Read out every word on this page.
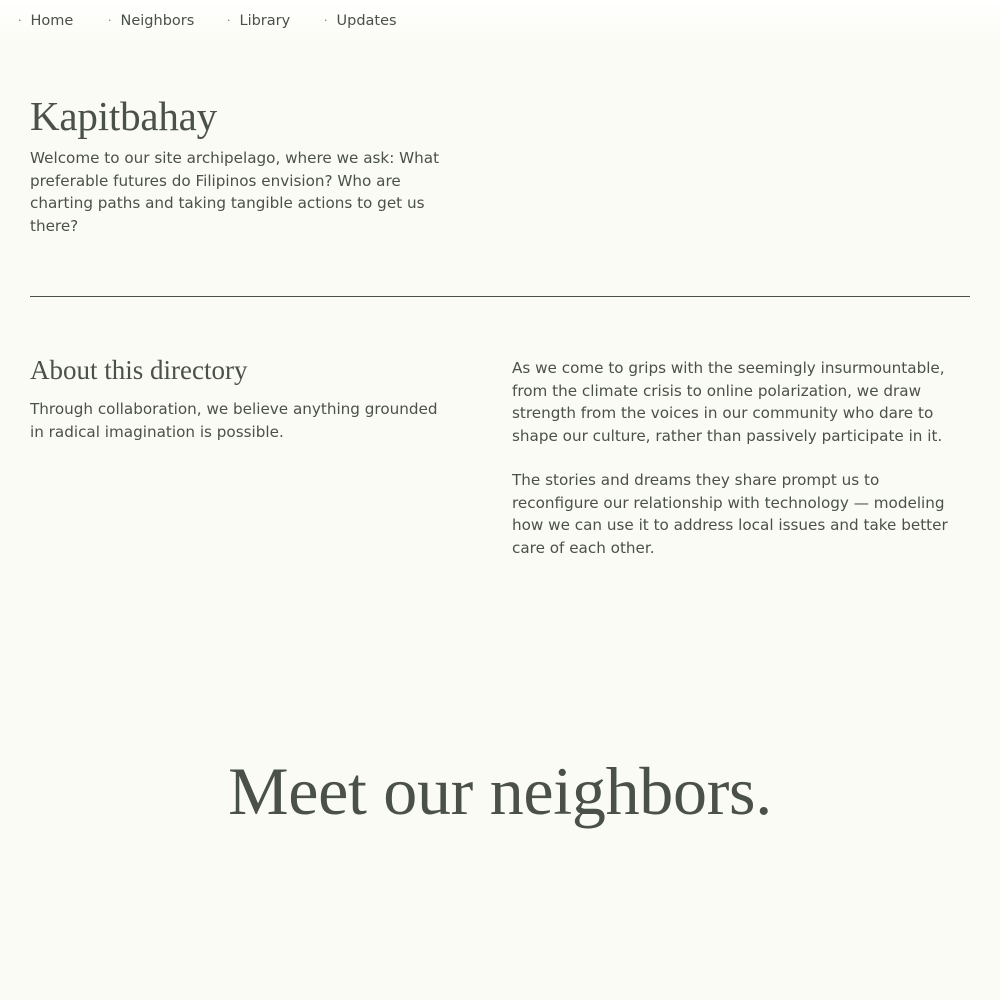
· Home	· Neighbors	· Library	· Updates
Kapitbahay

Welcome to our site archipelago, where we ask: What preferable futures do Filipinos envision? Who are charting paths and taking tangible actions to get us there?

About this directory

Through collaboration, we believe anything grounded in radical imagination is possible.

As we come to grips with the seemingly insurmountable, from the climate crisis to online polarization, we draw strength from the voices in our community who dare to shape our culture, rather than passively participate in it.

The stories and dreams they share prompt us to reconfigure our relationship with technology — modeling how we can use it to address local issues and take better care of each other.

Meet our neighbors.
